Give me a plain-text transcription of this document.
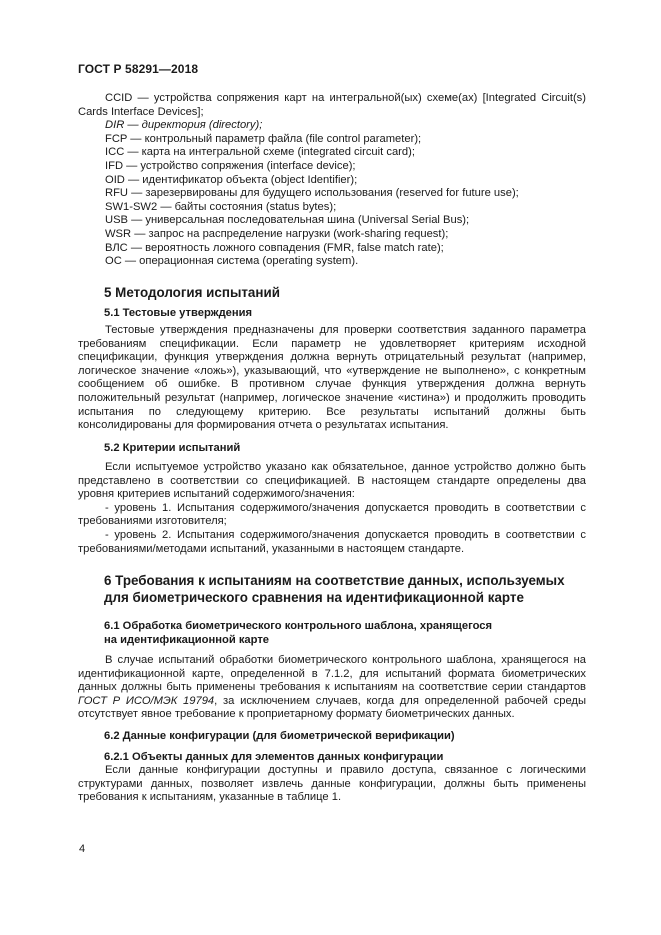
ГОСТ Р 58291—2018

CCID — устройства сопряжения карт на интегральной(ых) схеме(ах) [Integrated Circuit(s) Cards Interface Devices];

DIR — директория (directory);

FCP — контрольный параметр файла (file control parameter);

ICC — карта на интегральной схеме (integrated circuit card);

IFD — устройство сопряжения (interface device);

OID — идентификатор объекта (object Identifier);

RFU — зарезервированы для будущего использования (reserved for future use);

SW1-SW2 — байты состояния (status bytes);

USB — универсальная последовательная шина (Universal Serial Bus);

WSR — запрос на распределение нагрузки (work-sharing request);

ВЛС — вероятность ложного совпадения (FMR, false match rate);

ОС — операционная система (operating system).

5 Методология испытаний
5.1 Тестовые утверждения

Тестовые утверждения предназначены для проверки соответствия заданного параметра требованиям спецификации. Если параметр не удовлетворяет критериям исходной спецификации, функция утверждения должна вернуть отрицательный результат (например, логическое значение «ложь»), указывающий, что «утверждение не выполнено», с конкретным сообщением об ошибке. В противном случае функция утверждения должна вернуть положительный результат (например, логическое значение «истина») и продолжить проводить испытания по следующему критерию. Все результаты испытаний должны быть консолидированы для формирования отчета о результатах испытания.

5.2 Критерии испытаний

Если испытуемое устройство указано как обязательное, данное устройство должно быть представлено в соответствии со спецификацией. В настоящем стандарте определены два уровня критериев испытаний содержимого/значения:

- уровень 1. Испытания содержимого/значения допускается проводить в соответствии с требованиями изготовителя;

- уровень 2. Испытания содержимого/значения допускается проводить в соответствии с требованиями/методами испытаний, указанными в настоящем стандарте.

6 Требования к испытаниям на соответствие данных, используемых
для биометрического сравнения на идентификационной карте
6.1 Обработка биометрического контрольного шаблона, хранящегося
на идентификационной карте

В случае испытаний обработки биометрического контрольного шаблона, хранящегося на идентификационной карте, определенной в 7.1.2, для испытаний формата биометрических данных должны быть применены требования к испытаниям на соответствие серии стандартов ГОСТ Р ИСО/МЭК 19794, за исключением случаев, когда для определенной рабочей среды отсутствует явное требование к проприетарному формату биометрических данных.

6.2 Данные конфигурации (для биометрической верификации)
6.2.1 Объекты данных для элементов данных конфигурации

Если данные конфигурации доступны и правило доступа, связанное с логическими структурами данных, позволяет извлечь данные конфигурации, должны быть применены требования к испытаниям, указанные в таблице 1.

4
